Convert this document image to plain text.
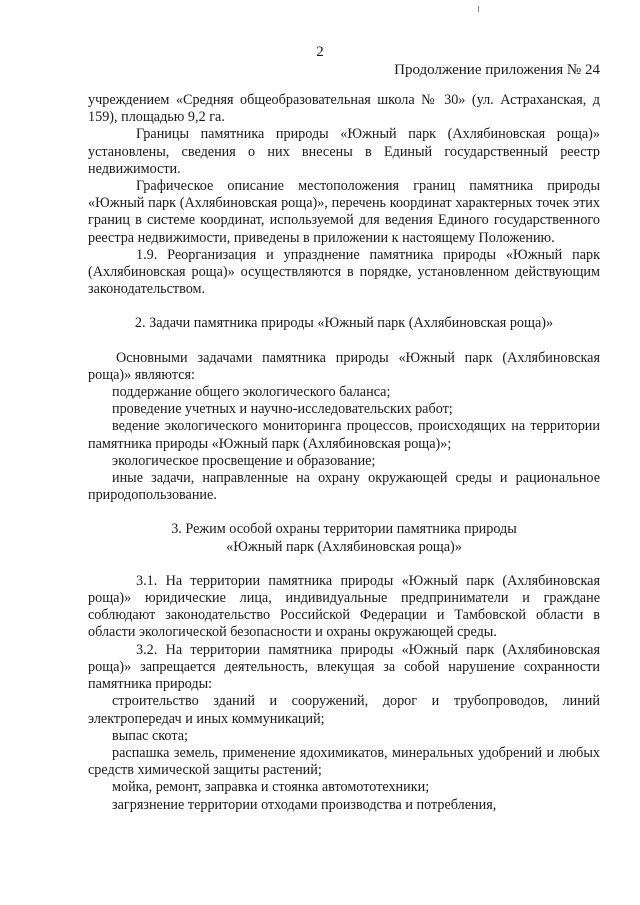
2
Продолжение приложения № 24

учреждением «Средняя общеобразовательная школа № 30» (ул. Астраханская, д 159), площадью 9,2 га.

Границы памятника природы «Южный парк (Ахлябиновская роща)» установлены, сведения о них внесены в Единый государственный реестр недвижимости.

Графическое описание местоположения границ памятника природы «Южный парк (Ахлябиновская роща)», перечень координат характерных точек этих границ в системе координат, используемой для ведения Единого государственного реестра недвижимости, приведены в приложении к настоящему Положению.

1.9. Реорганизация и упразднение памятника природы «Южный парк (Ахлябиновская роща)» осуществляются в порядке, установленном действующим законодательством.

2. Задачи памятника природы «Южный парк (Ахлябиновская роща)»

Основными задачами памятника природы «Южный парк (Ахлябиновская роща)» являются:

поддержание общего экологического баланса;

проведение учетных и научно-исследовательских работ;

ведение экологического мониторинга процессов, происходящих на территории памятника природы «Южный парк (Ахлябиновская роща)»;

экологическое просвещение и образование;

иные задачи, направленные на охрану окружающей среды и рациональное природопользование.

3. Режим особой охраны территории памятника природы

«Южный парк (Ахлябиновская роща)»

3.1. На территории памятника природы «Южный парк (Ахлябиновская роща)» юридические лица, индивидуальные предприниматели и граждане соблюдают законодательство Российской Федерации и Тамбовской области в области экологической безопасности и охраны окружающей среды.

3.2. На территории памятника природы «Южный парк (Ахлябиновская роща)» запрещается деятельность, влекущая за собой нарушение сохранности памятника природы:

строительство зданий и сооружений, дорог и трубопроводов, линий электропередач и иных коммуникаций;

выпас скота;

распашка земель, применение ядохимикатов, минеральных удобрений и любых средств химической защиты растений;

мойка, ремонт, заправка и стоянка автомототехники;

загрязнение территории отходами производства и потребления,
